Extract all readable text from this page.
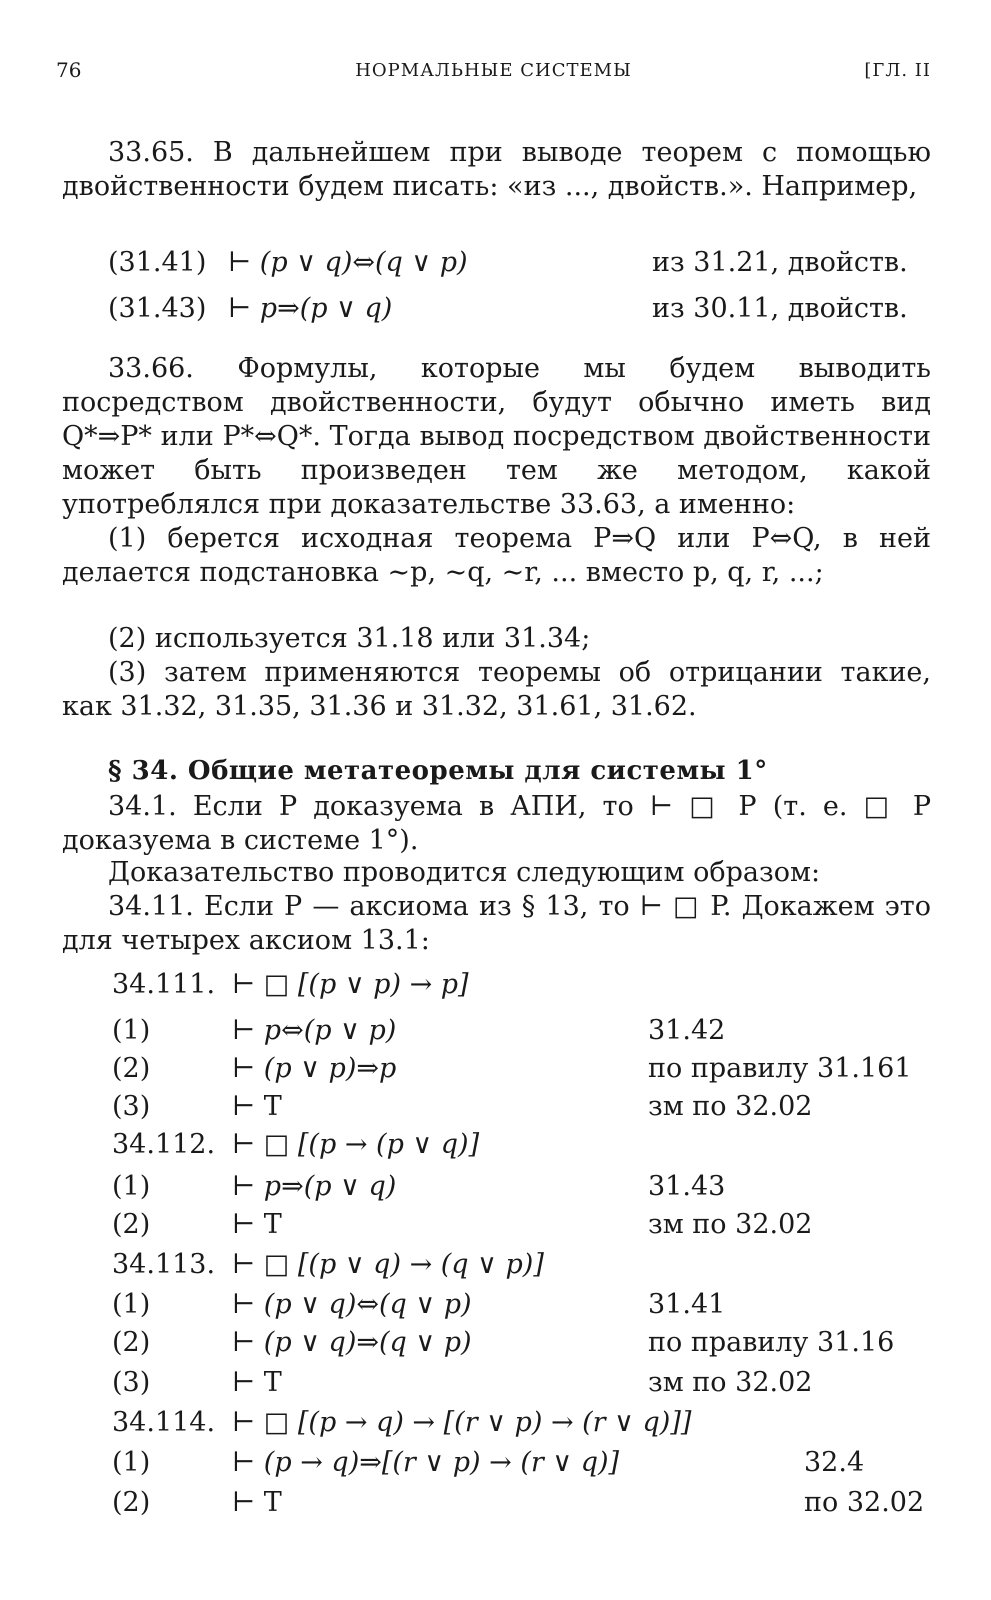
76	НОРМАЛЬНЫЕ СИСТЕМЫ	[ГЛ. II
33.65. В дальнейшем при выводе теорем с помощью двойственности будем писать: «из ..., двойств.». Например,
(31.41) ⊢ (p ∨ q)⇔(q ∨ p)	из 31.21, двойств.
(31.43) ⊢ p⇒(p ∨ q)	из 30.11, двойств.
33.66. Формулы, которые мы будем выводить посредством двойственности, будут обычно иметь вид Q*⇒P* или P*⇔Q*. Тогда вывод посредством двойственности может быть произведен тем же методом, какой употреблялся при доказательстве 33.63, а именно:
(1) берется исходная теорема P⇒Q или P⇔Q, в ней делается подстановка ∼p, ∼q, ∼r, ... вместо p, q, r, ...;
(2) используется 31.18 или 31.34;
(3) затем применяются теоремы об отрицании такие, как 31.32, 31.35, 31.36 и 31.32, 31.61, 31.62.
§ 34. Общие метатеоремы для системы 1°
34.1. Если P доказуема в АПИ, то ⊢ □ P (т. е. □ P доказуема в системе 1°).
Доказательство проводится следующим образом:
34.11. Если P — аксиома из § 13, то ⊢ □ P. Докажем это для четырех аксиом 13.1:
34.111. ⊢ □ [(p ∨ p) → p]
(1)	⊢ p⇔(p ∨ p)	31.42
(2)	⊢ (p ∨ p)⇒p	по правилу 31.161
(3)	⊢ T	зм по 32.02
34.112. ⊢ □ [(p → (p ∨ q)]
(1)	⊢ p⇒(p ∨ q)	31.43
(2)	⊢ T	зм по 32.02
34.113. ⊢ □ [(p ∨ q) → (q ∨ p)]
(1)	⊢ (p ∨ q)⇔(q ∨ p)	31.41
(2)	⊢ (p ∨ q)⇒(q ∨ p)	по правилу 31.16
(3)	⊢ T	зм по 32.02
34.114. ⊢ □ [(p → q) → [(r ∨ p) → (r ∨ q)]]
(1)	⊢ (p → q)⇒[(r ∨ p) → (r ∨ q)]	32.4
(2)	⊢ T	по 32.02
